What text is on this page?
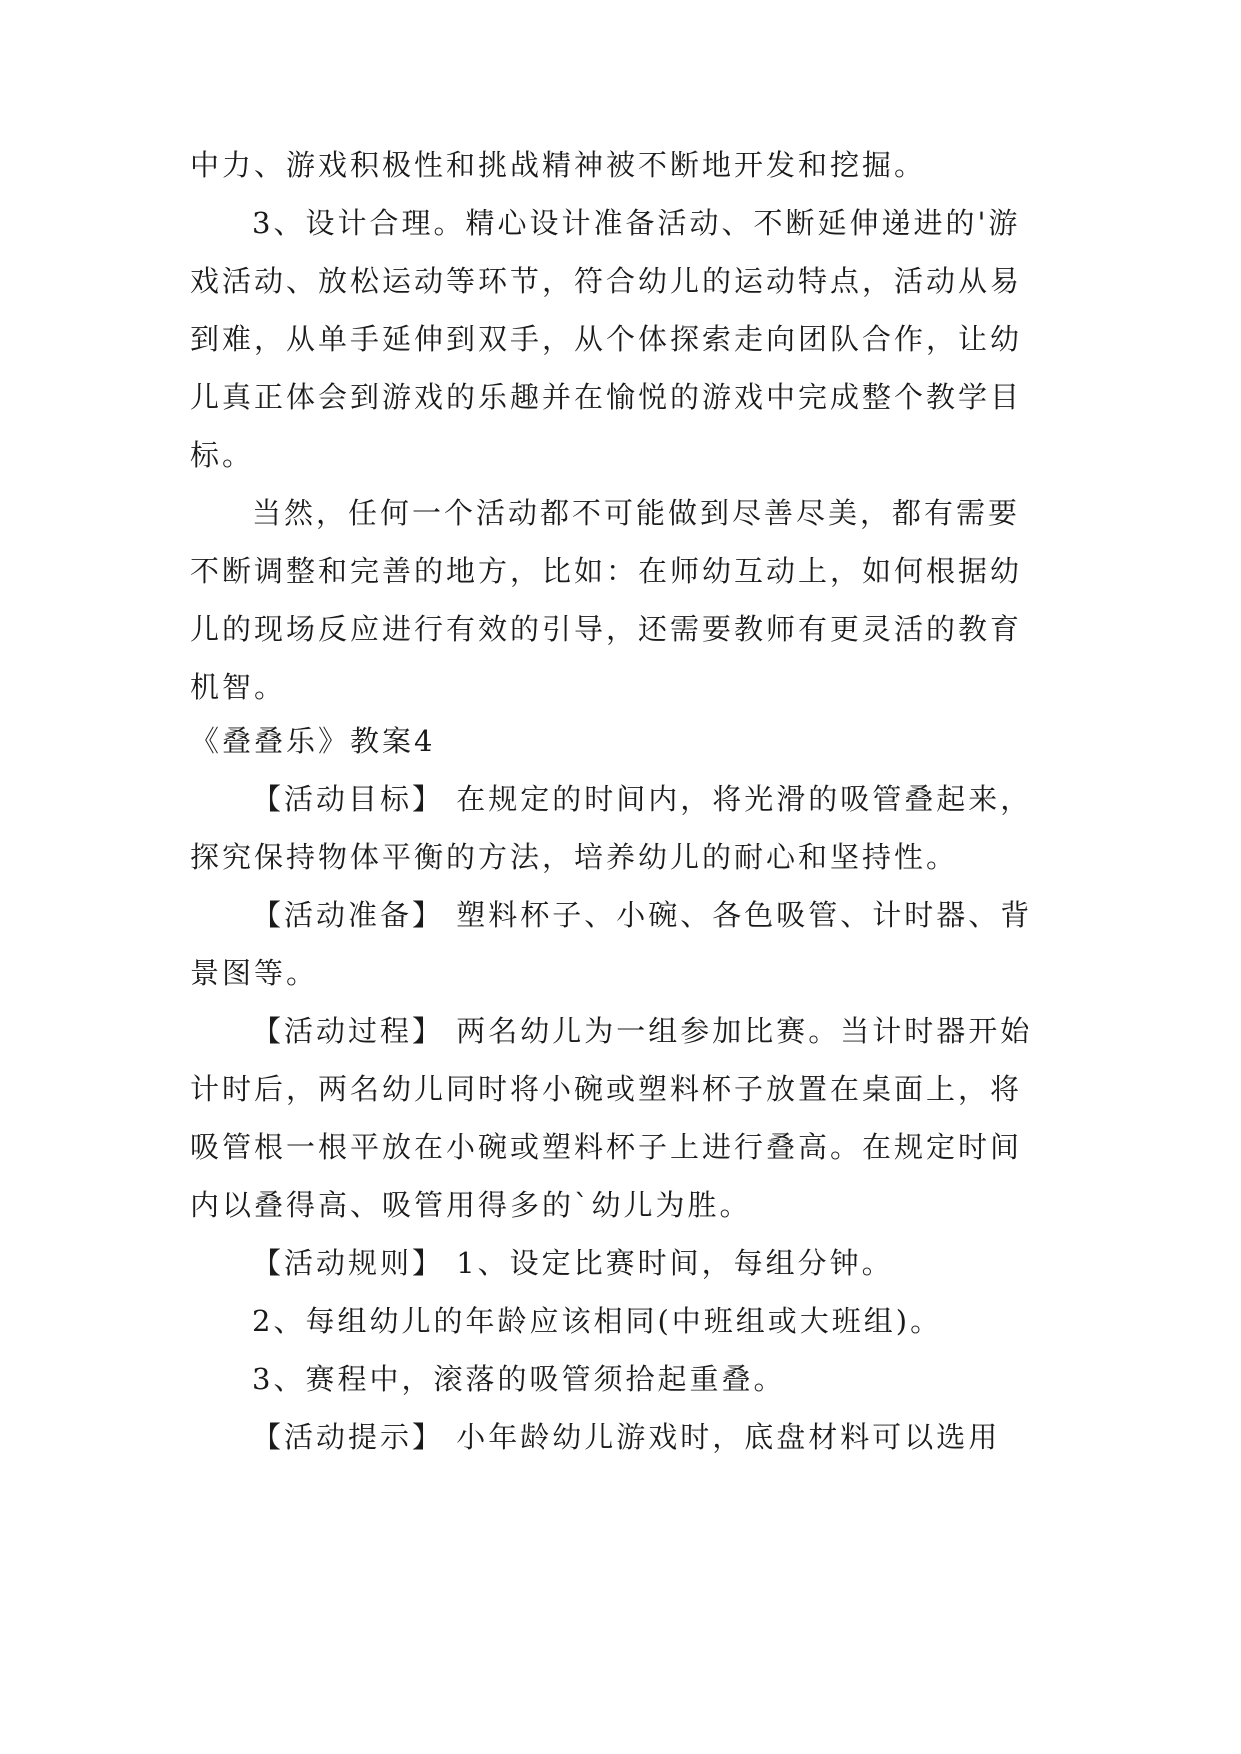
中力、游戏积极性和挑战精神被不断地开发和挖掘。

3、设计合理。精心设计准备活动、不断延伸递进的'游戏活动、放松运动等环节，符合幼儿的运动特点，活动从易到难，从单手延伸到双手，从个体探索走向团队合作，让幼儿真正体会到游戏的乐趣并在愉悦的游戏中完成整个教学目标。

当然，任何一个活动都不可能做到尽善尽美，都有需要不断调整和完善的地方，比如：在师幼互动上，如何根据幼儿的现场反应进行有效的引导，还需要教师有更灵活的教育机智。

《叠叠乐》教案4

【活动目标】 在规定的时间内，将光滑的吸管叠起来，探究保持物体平衡的方法，培养幼儿的耐心和坚持性。

【活动准备】 塑料杯子、小碗、各色吸管、计时器、背景图等。

【活动过程】 两名幼儿为一组参加比赛。当计时器开始计时后，两名幼儿同时将小碗或塑料杯子放置在桌面上，将吸管根一根平放在小碗或塑料杯子上进行叠高。在规定时间内以叠得高、吸管用得多的`幼儿为胜。

【活动规则】 1、设定比赛时间，每组分钟。

2、每组幼儿的年龄应该相同(中班组或大班组)。

3、赛程中，滚落的吸管须拾起重叠。

【活动提示】 小年龄幼儿游戏时，底盘材料可以选用
